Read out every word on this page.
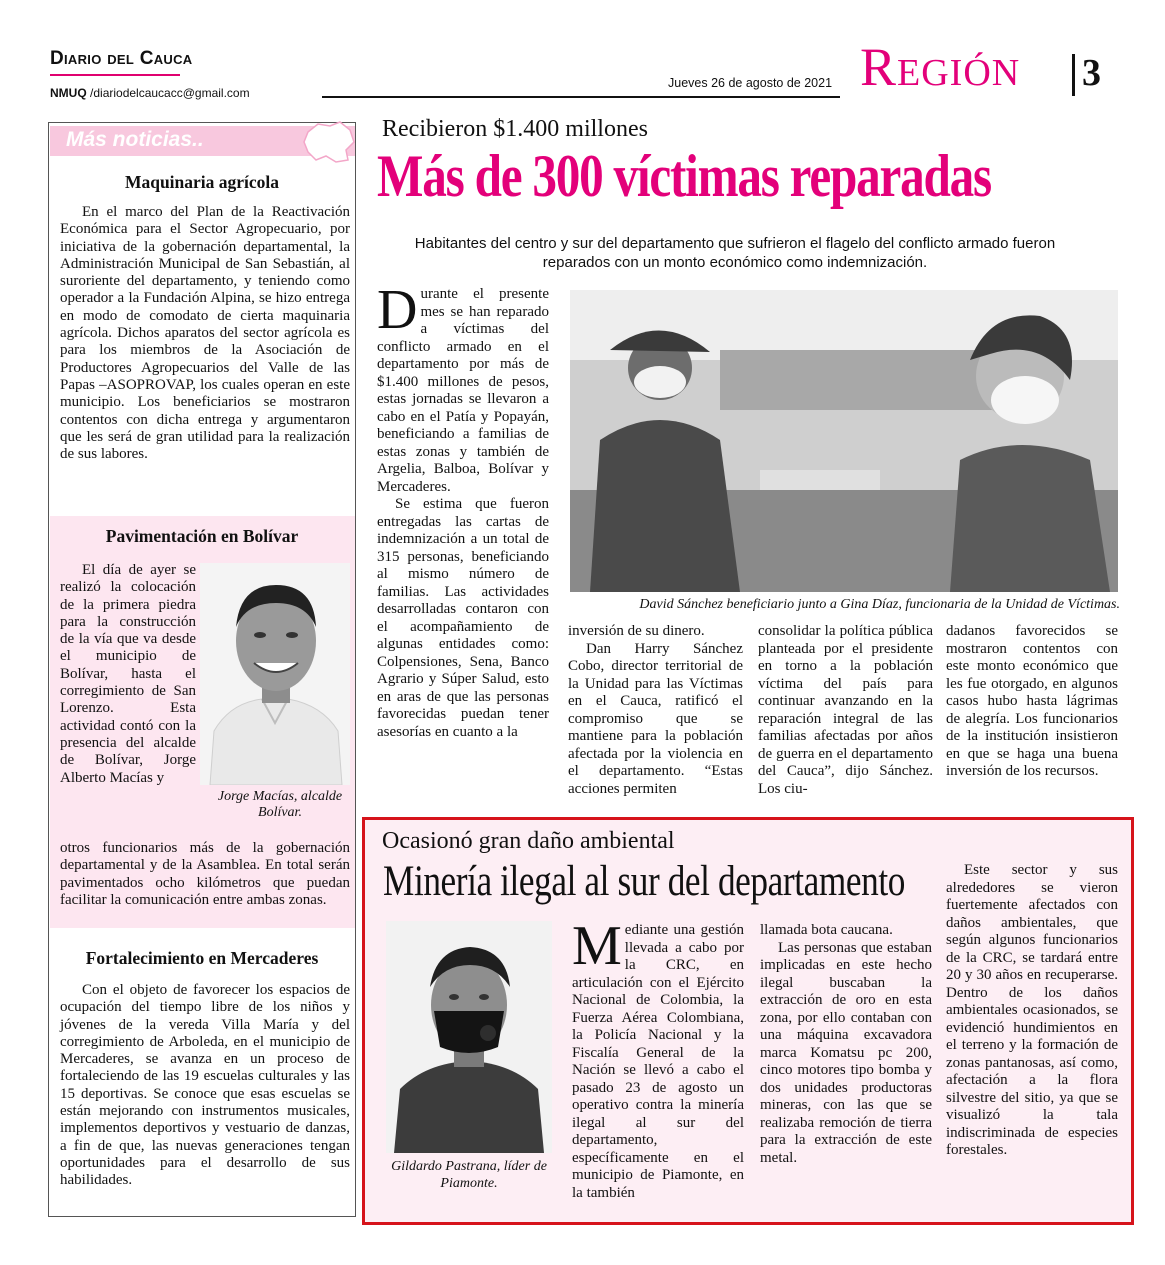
Diario del Cauca
NMUQ /diariodelcaucacc@gmail.com
Jueves 26 de agosto de 2021 Región 3
Más noticias..
Maquinaria agrícola

En el marco del Plan de la Reactivación Económica para el Sector Agropecuario, por iniciativa de la gobernación departamental, la Administración Municipal de San Sebastián, al suroriente del departamento, y teniendo como operador a la Fundación Alpina, se hizo entrega en modo de comodato de cierta maquinaria agrícola. Dichos aparatos del sector agrícola es para los miembros de la Asociación de Productores Agropecuarios del Valle de las Papas –ASOPROVAP, los cuales operan en este municipio. Los beneficiarios se mostraron contentos con dicha entrega y argumentaron que les será de gran utilidad para la realización de sus labores.

Pavimentación en Bolívar

El día de ayer se realizó la colocación de la primera piedra para la construcción de la vía que va desde el municipio de Bolívar, hasta el corregimiento de San Lorenzo. Esta actividad contó con la presencia del alcalde de Bolívar, Jorge Alberto Macías y

otros funcionarios más de la gobernación departamental y de la Asamblea. En total serán pavimentados ocho kilómetros que puedan facilitar la comunicación entre ambas zonas.

Jorge Macías, alcalde Bolívar.
Fortalecimiento en Mercaderes

Con el objeto de favorecer los espacios de ocupación del tiempo libre de los niños y jóvenes de la vereda Villa María y del corregimiento de Arboleda, en el municipio de Mercaderes, se avanza en un proceso de fortaleciendo de las 19 escuelas culturales y las 15 deportivas. Se conoce que esas escuelas se están mejorando con instrumentos musicales, implementos deportivos y vestuario de danzas, a fin de que, las nuevas generaciones tengan oportunidades para el desarrollo de sus habilidades.

Recibieron $1.400 millones
Más de 300 víctimas reparadas
Habitantes del centro y sur del departamento que sufrieron el flagelo del conflicto armado fueron reparados con un monto económico como indemnización.
David Sánchez beneficiario junto a Gina Díaz, funcionaria de la Unidad de Víctimas.
D urante el presente mes se han reparado a víctimas del conflicto armado en el departamento por más de $1.400 millones de pesos, estas jornadas se llevaron a cabo en el Patía y Popayán, beneficiando a familias de estas zonas y también de Argelia, Balboa, Bolívar y Mercaderes.

Se estima que fueron entregadas las cartas de indemnización a un total de 315 personas, beneficiando al mismo número de familias. Las actividades desarrolladas contaron con el acompañamiento de algunas entidades como: Colpensiones, Sena, Banco Agrario y Súper Salud, esto en aras de que las personas favorecidas puedan tener asesorías en cuanto a la

inversión de su dinero.

Dan Harry Sánchez Cobo, director territorial de la Unidad para las Víctimas en el Cauca, ratificó el compromiso que se mantiene para la población afectada por la violencia en el departamento. “Estas acciones permiten

consolidar la política pública planteada por el presidente en torno a la población víctima del país para continuar avanzando en la reparación integral de las familias afectadas por años de guerra en el departamento del Cauca”, dijo Sánchez. Los ciu-

dadanos favorecidos se mostraron contentos con este monto económico que les fue otorgado, en algunos casos hubo hasta lágrimas de alegría. Los funcionarios de la institución insistieron en que se haga una buena inversión de los recursos.

Ocasionó gran daño ambiental
Minería ilegal al sur del departamento
Gildardo Pastrana, líder de Piamonte.
M ediante una gestión llevada a cabo por la CRC, en articulación con el Ejército Nacional de Colombia, la Fuerza Aérea Colombiana, la Policía Nacional y la Fiscalía General de la Nación se llevó a cabo el pasado 23 de agosto un operativo contra la minería ilegal al sur del departamento, específicamente en el municipio de Piamonte, en la también

llamada bota caucana.

Las personas que estaban implicadas en este hecho ilegal buscaban la extracción de oro en esta zona, por ello contaban con una máquina excavadora marca Komatsu pc 200, cinco motores tipo bomba y dos unidades productoras mineras, con las que se realizaba remoción de tierra para la extracción de este metal.

Este sector y sus alrededores se vieron fuertemente afectados con daños ambientales, que según algunos funcionarios de la CRC, se tardará entre 20 y 30 años en recuperarse. Dentro de los daños ambientales ocasionados, se evidenció hundimientos en el terreno y la formación de zonas pantanosas, así como, afectación a la flora silvestre del sitio, ya que se visualizó la tala indiscriminada de especies forestales.
